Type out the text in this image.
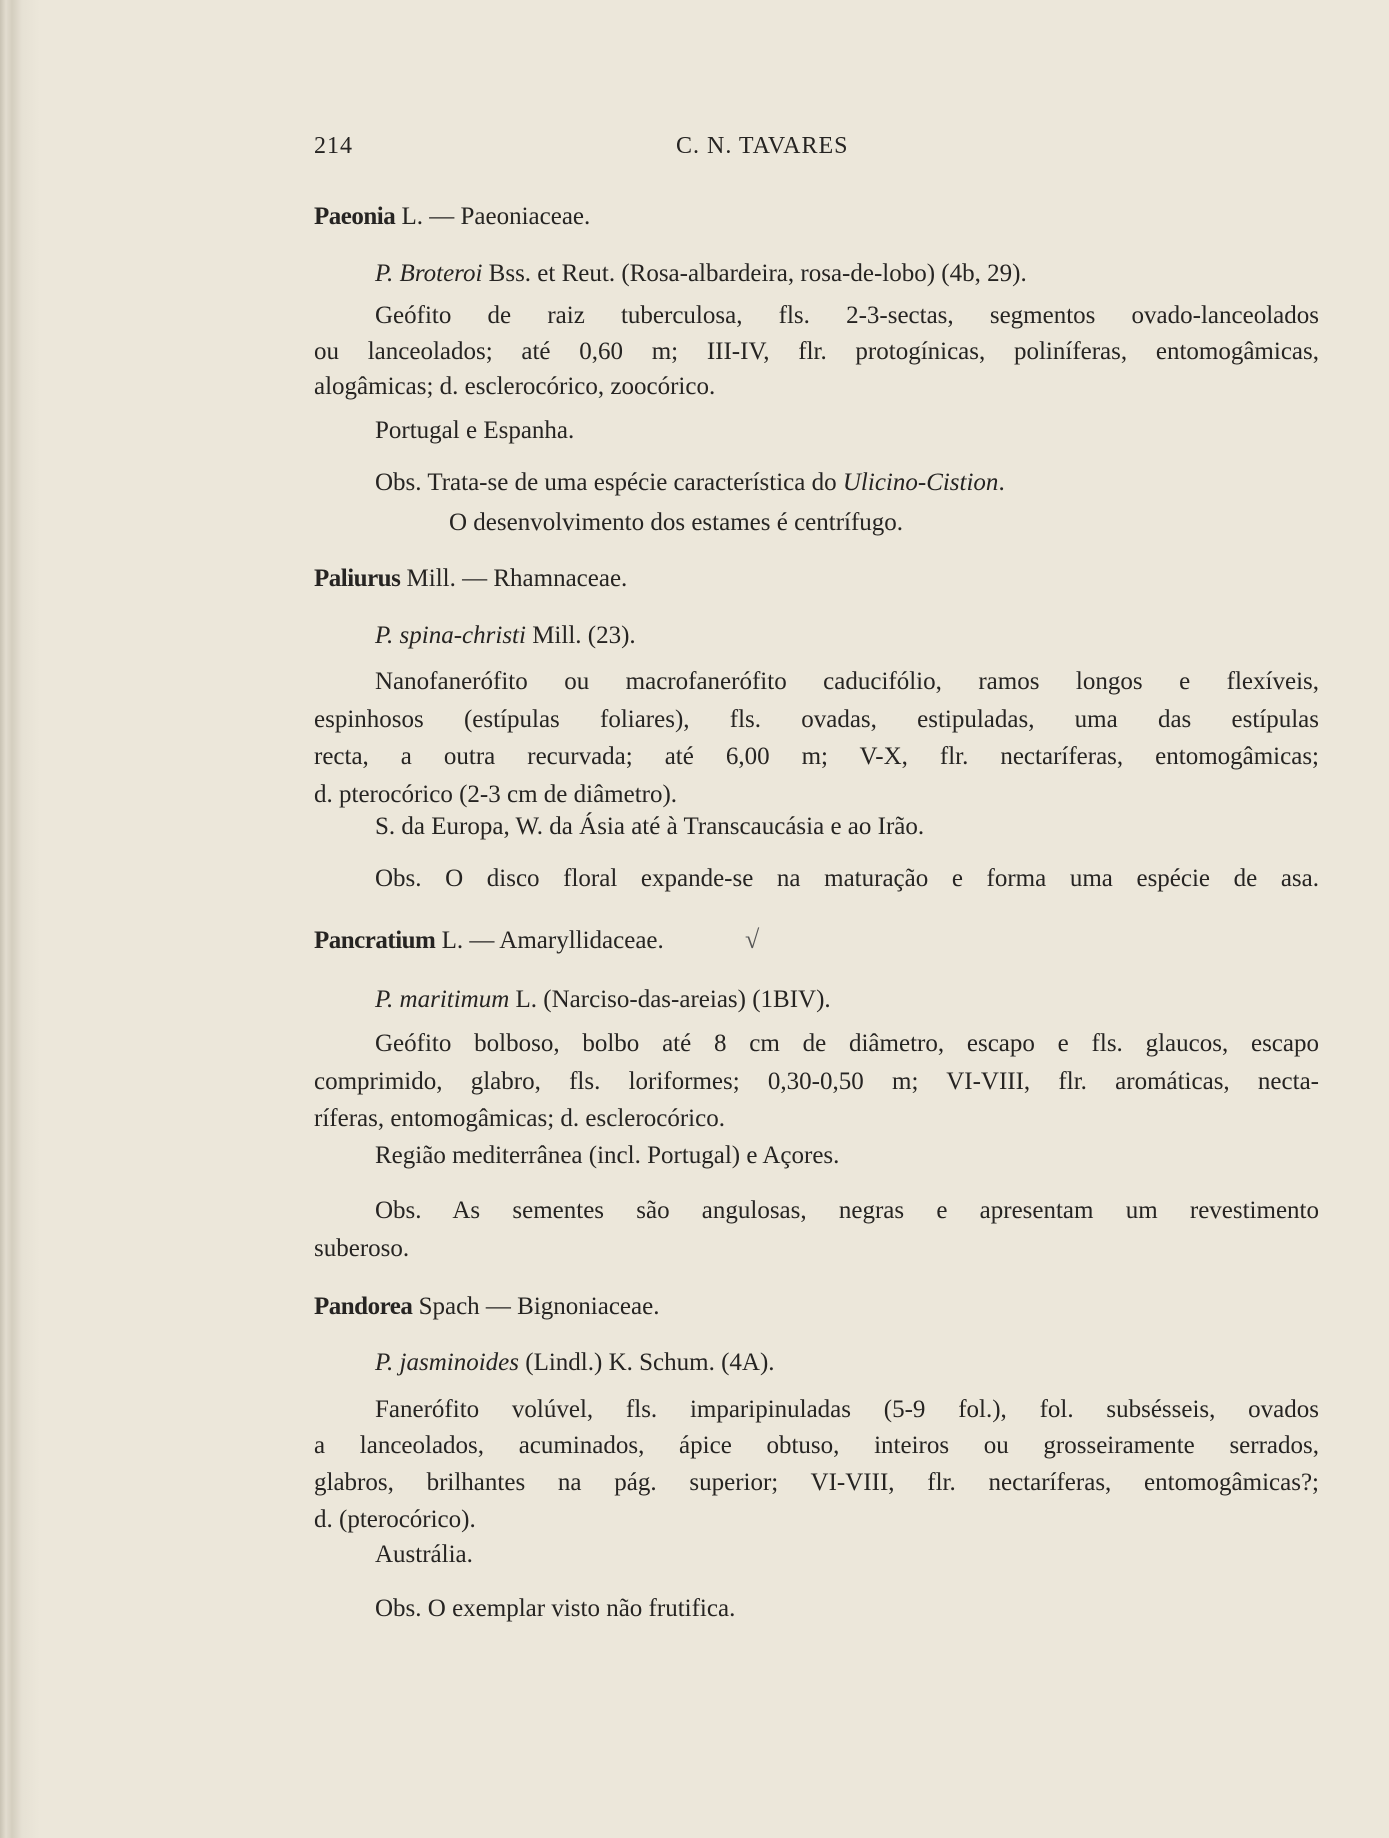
214	C. N. TAVARES
Paeonia L. — Paeoniaceae.
P. Broteroi Bss. et Reut. (Rosa-albardeira, rosa-de-lobo) (4b, 29).
Geófito de raiz tuberculosa, fls. 2-3-sectas, segmentos ovado-lanceolados
ou lanceolados; até 0,60 m; III-IV, flr. protogínicas, poliníferas, entomogâmicas,
alogâmicas; d. esclerocórico, zoocórico.
Portugal e Espanha.
Obs. Trata-se de uma espécie característica do Ulicino-Cistion.
O desenvolvimento dos estames é centrífugo.
Paliurus Mill. — Rhamnaceae.
P. spina-christi Mill. (23).
Nanofanerófito ou macrofanerófito caducifólio, ramos longos e flexíveis,
espinhosos (estípulas foliares), fls. ovadas, estipuladas, uma das estípulas
recta, a outra recurvada; até 6,00 m; V-X, flr. nectaríferas, entomogâmicas;
d. pterocórico (2-3 cm de diâmetro).
S. da Europa, W. da Ásia até à Transcaucásia e ao Irão.
Obs. O disco floral expande-se na maturação e forma uma espécie de asa.
Pancratium L. — Amaryllidaceae.	√
P. maritimum L. (Narciso-das-areias) (1BIV).
Geófito bolboso, bolbo até 8 cm de diâmetro, escapo e fls. glaucos, escapo
comprimido, glabro, fls. loriformes; 0,30-0,50 m; VI-VIII, flr. aromáticas, necta-
ríferas, entomogâmicas; d. esclerocórico.
Região mediterrânea (incl. Portugal) e Açores.
Obs. As sementes são angulosas, negras e apresentam um revestimento
suberoso.
Pandorea Spach — Bignoniaceae.
P. jasminoides (Lindl.) K. Schum. (4A).
Fanerófito volúvel, fls. imparipinuladas (5-9 fol.), fol. subsésseis, ovados
a lanceolados, acuminados, ápice obtuso, inteiros ou grosseiramente serrados,
glabros, brilhantes na pág. superior; VI-VIII, flr. nectaríferas, entomogâmicas?;
d. (pterocórico).
Austrália.
Obs. O exemplar visto não frutifica.
